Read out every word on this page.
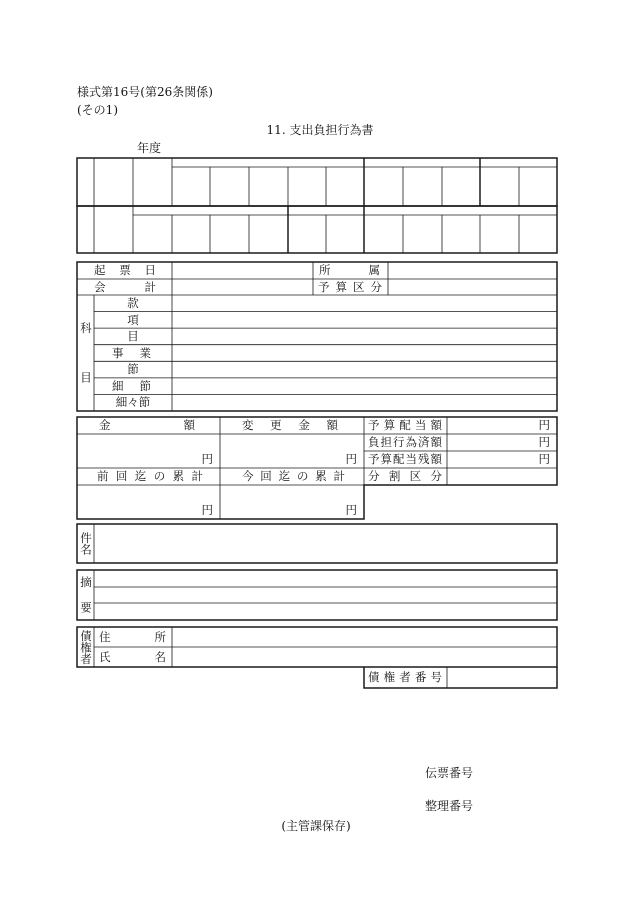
様式第16号(第26条関係)
(その1)
11. 支出負担行為書
年度
起 票 日	所 属
会 計	予 算 区 分
科目
款
項
目
事 業
節
細 節
細々節
金 額	変 更 金 額
円	円
前 回 迄 の 累 計	今 回 迄 の 累 計
円	円
予 算 配 当 額	円
負担行為済額	円
予算配当残額	円
分 割 区 分
件名
摘要
債権者 住 所
氏 名
債 権 者 番 号
伝票番号
整理番号
(主管課保存)
